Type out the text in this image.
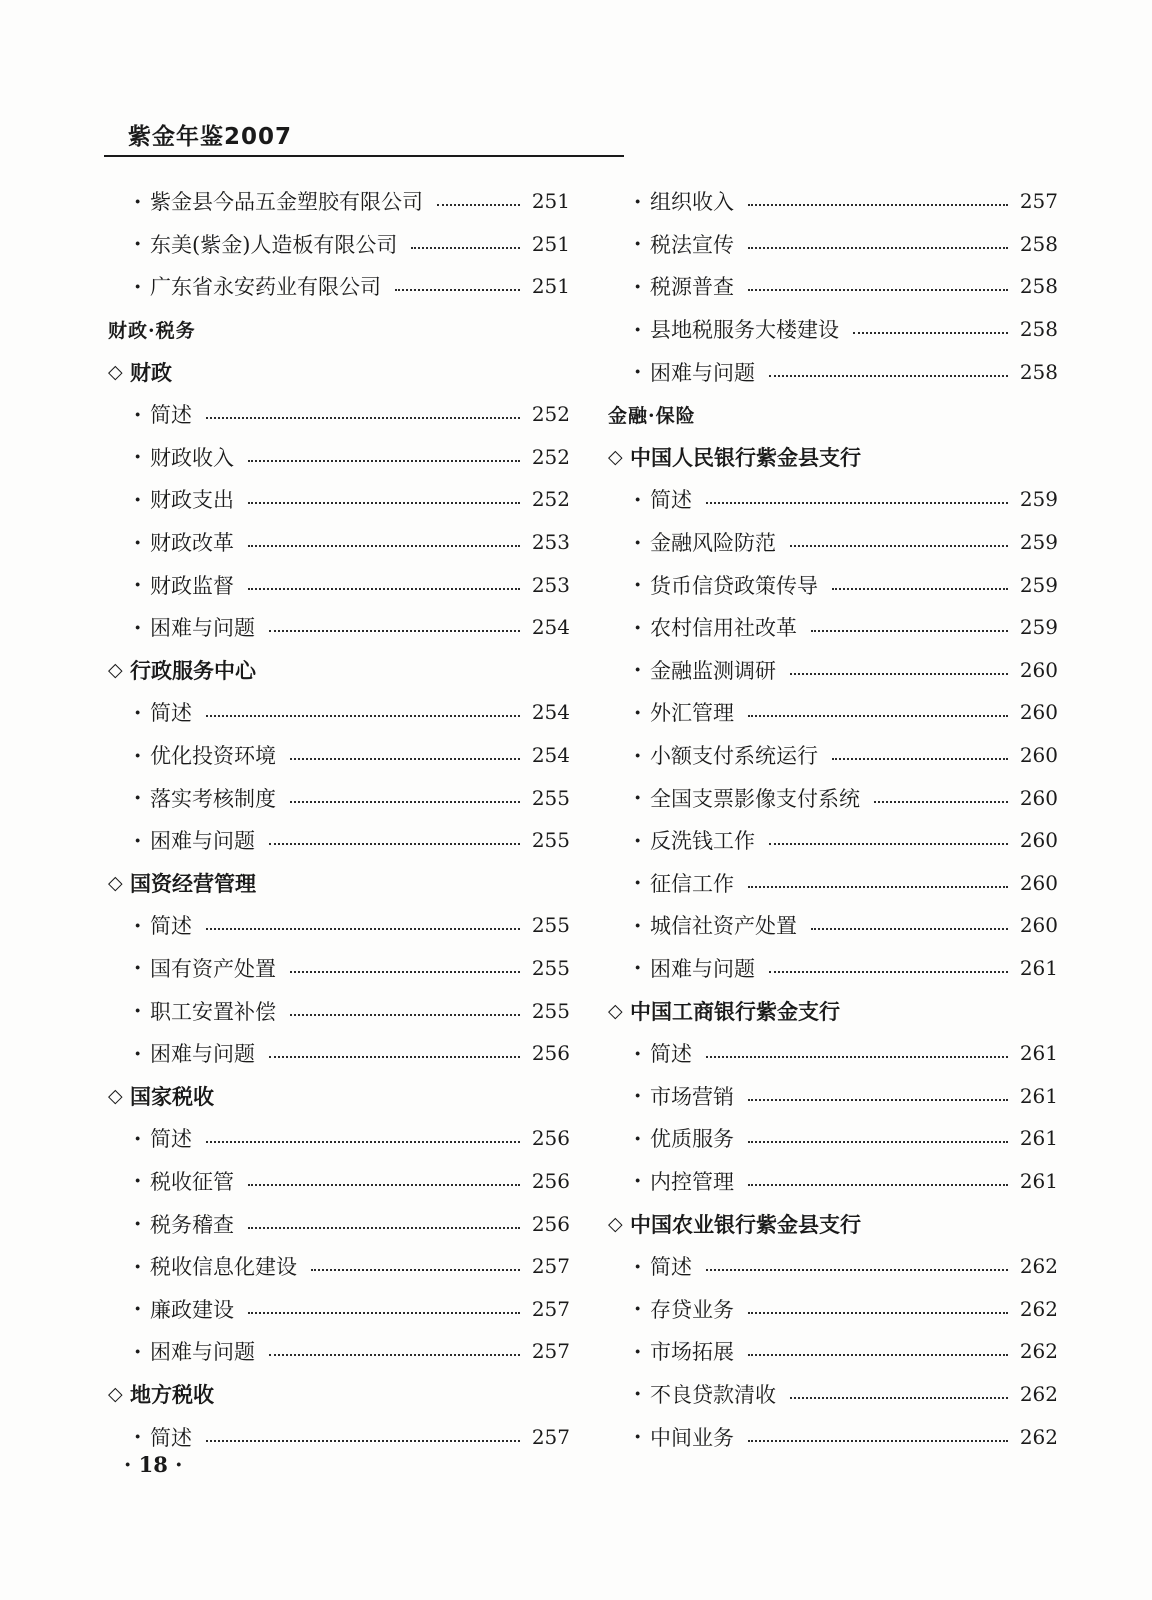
紫金年鉴2007
· 紫金县今品五金塑胶有限公司	251
· 东美(紫金)人造板有限公司	251
· 广东省永安药业有限公司	251
财政·税务
◇ 财政
· 简述	252
· 财政收入	252
· 财政支出	252
· 财政改革	253
· 财政监督	253
· 困难与问题	254
◇ 行政服务中心
· 简述	254
· 优化投资环境	254
· 落实考核制度	255
· 困难与问题	255
◇ 国资经营管理
· 简述	255
· 国有资产处置	255
· 职工安置补偿	255
· 困难与问题	256
◇ 国家税收
· 简述	256
· 税收征管	256
· 税务稽查	256
· 税收信息化建设	257
· 廉政建设	257
· 困难与问题	257
◇ 地方税收
· 简述	257
· 组织收入	257
· 税法宣传	258
· 税源普查	258
· 县地税服务大楼建设	258
· 困难与问题	258
金融·保险
◇ 中国人民银行紫金县支行
· 简述	259
· 金融风险防范	259
· 货币信贷政策传导	259
· 农村信用社改革	259
· 金融监测调研	260
· 外汇管理	260
· 小额支付系统运行	260
· 全国支票影像支付系统	260
· 反洗钱工作	260
· 征信工作	260
· 城信社资产处置	260
· 困难与问题	261
◇ 中国工商银行紫金支行
· 简述	261
· 市场营销	261
· 优质服务	261
· 内控管理	261
◇ 中国农业银行紫金县支行
· 简述	262
· 存贷业务	262
· 市场拓展	262
· 不良贷款清收	262
· 中间业务	262
· 18 ·
